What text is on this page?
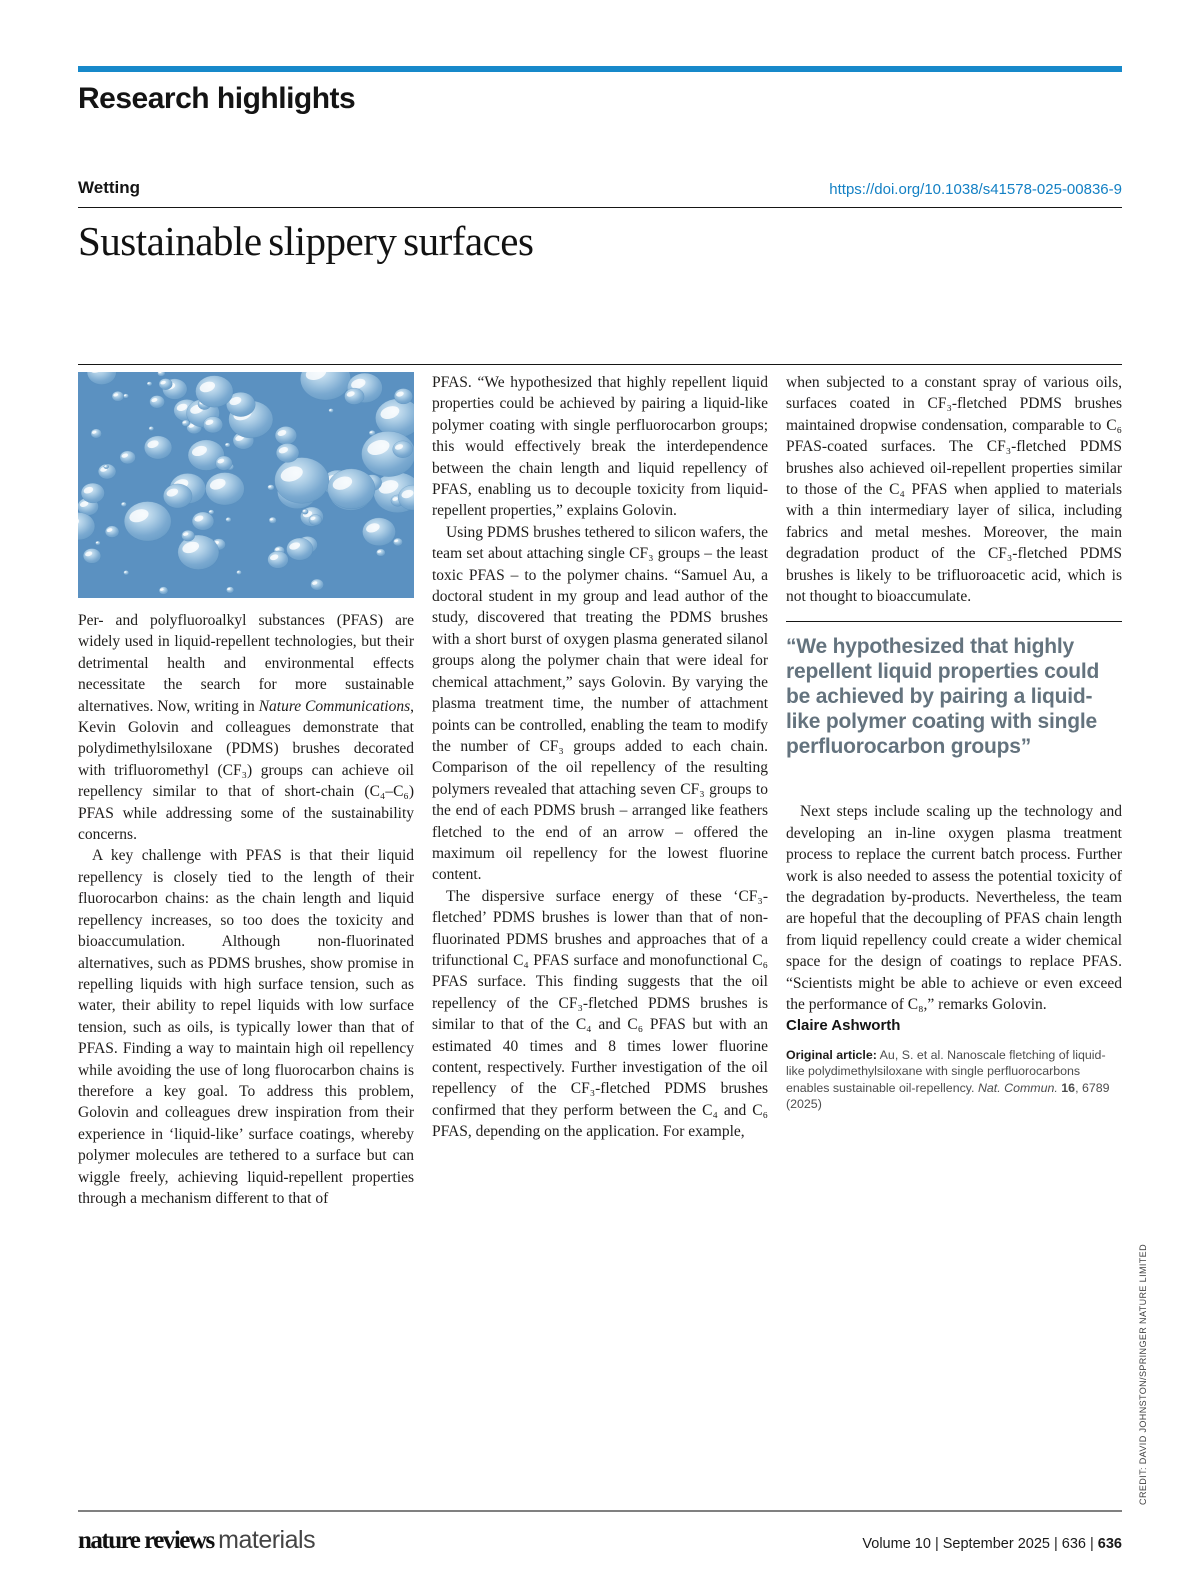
Research highlights
Wetting	https://doi.org/10.1038/s41578-025-00836-9
Sustainable slippery surfaces

Per- and polyfluoroalkyl substances (PFAS) are widely used in liquid-repellent technologies, but their detrimental health and environmental effects necessitate the search for more sustainable alternatives. Now, writing in Nature Communications, Kevin Golovin and colleagues demonstrate that polydimethylsiloxane (PDMS) brushes decorated with trifluoromethyl (CF₃) groups can achieve oil repellency similar to that of short-chain (C₄–C₆) PFAS while addressing some of the sustainability concerns.

A key challenge with PFAS is that their liquid repellency is closely tied to the length of their fluorocarbon chains: as the chain length and liquid repellency increases, so too does the toxicity and bioaccumulation. Although non-fluorinated alternatives, such as PDMS brushes, show promise in repelling liquids with high surface tension, such as water, their ability to repel liquids with low surface tension, such as oils, is typically lower than that of PFAS. Finding a way to maintain high oil repellency while avoiding the use of long fluorocarbon chains is therefore a key goal. To address this problem, Golovin and colleagues drew inspiration from their experience in ‘liquid-like’ surface coatings, whereby polymer molecules are tethered to a surface but can wiggle freely, achieving liquid-repellent properties through a mechanism different to that of

PFAS. “We hypothesized that highly repellent liquid properties could be achieved by pairing a liquid-like polymer coating with single perfluorocarbon groups; this would effectively break the interdependence between the chain length and liquid repellency of PFAS, enabling us to decouple toxicity from liquid-repellent properties,” explains Golovin.

Using PDMS brushes tethered to silicon wafers, the team set about attaching single CF₃ groups – the least toxic PFAS – to the polymer chains. “Samuel Au, a doctoral student in my group and lead author of the study, discovered that treating the PDMS brushes with a short burst of oxygen plasma generated silanol groups along the polymer chain that were ideal for chemical attachment,” says Golovin. By varying the plasma treatment time, the number of attachment points can be controlled, enabling the team to modify the number of CF₃ groups added to each chain. Comparison of the oil repellency of the resulting polymers revealed that attaching seven CF₃ groups to the end of each PDMS brush – arranged like feathers fletched to the end of an arrow – offered the maximum oil repellency for the lowest fluorine content.

The dispersive surface energy of these ‘CF₃-fletched’ PDMS brushes is lower than that of non-fluorinated PDMS brushes and approaches that of a trifunctional C₄ PFAS surface and monofunctional C₆ PFAS surface. This finding suggests that the oil repellency of the CF₃-fletched PDMS brushes is similar to that of the C₄ and C₆ PFAS but with an estimated 40 times and 8 times lower fluorine content, respectively. Further investigation of the oil repellency of the CF₃-fletched PDMS brushes confirmed that they perform between the C₄ and C₆ PFAS, depending on the application. For example,

when subjected to a constant spray of various oils, surfaces coated in CF₃-fletched PDMS brushes maintained dropwise condensation, comparable to C₆ PFAS-coated surfaces. The CF₃-fletched PDMS brushes also achieved oil-repellent properties similar to those of the C₄ PFAS when applied to materials with a thin intermediary layer of silica, including fabrics and metal meshes. Moreover, the main degradation product of the CF₃-fletched PDMS brushes is likely to be trifluoroacetic acid, which is not thought to bioaccumulate.

“We hypothesized that highly repellent liquid properties could be achieved by pairing a liquid-like polymer coating with single perfluorocarbon groups”

Next steps include scaling up the technology and developing an in-line oxygen plasma treatment process to replace the current batch process. Further work is also needed to assess the potential toxicity of the degradation by-products. Nevertheless, the team are hopeful that the decoupling of PFAS chain length from liquid repellency could create a wider chemical space for the design of coatings to replace PFAS. “Scientists might be able to achieve or even exceed the performance of C₈,” remarks Golovin.

Claire Ashworth
Original article: Au, S. et al. Nanoscale fletching of liquid-like polydimethylsiloxane with single perfluorocarbons enables sustainable oil-repellency. Nat. Commun. 16, 6789 (2025)
CREDIT: DAVID JOHNSTON/SPRINGER NATURE LIMITED
nature reviews materials	Volume 10 | September 2025 | 636 | 636
